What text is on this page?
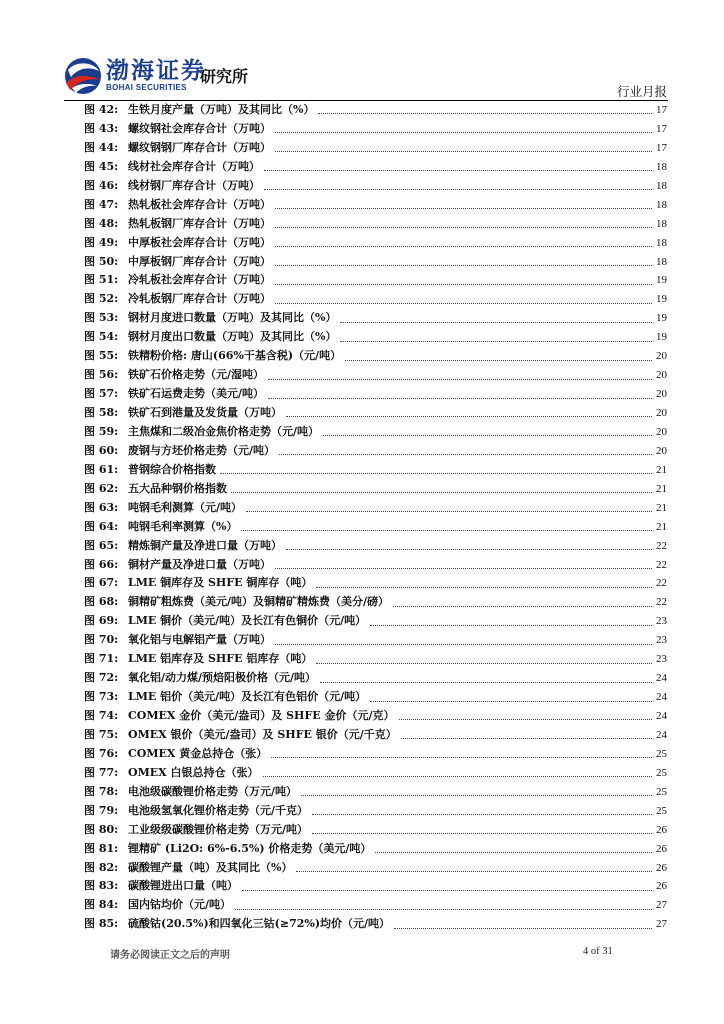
渤海证券
BOHAI SECURITIES
研究所
行业月报
图 42: 生铁月度产量（万吨）及其同比（%）	17
图 43: 螺纹钢社会库存合计（万吨）	17
图 44: 螺纹钢钢厂库存合计（万吨）	17
图 45: 线材社会库存合计（万吨）	18
图 46: 线材钢厂库存合计（万吨）	18
图 47: 热轧板社会库存合计（万吨）	18
图 48: 热轧板钢厂库存合计（万吨）	18
图 49: 中厚板社会库存合计（万吨）	18
图 50: 中厚板钢厂库存合计（万吨）	18
图 51: 冷轧板社会库存合计（万吨）	19
图 52: 冷轧板钢厂库存合计（万吨）	19
图 53: 钢材月度进口数量（万吨）及其同比（%）	19
图 54: 钢材月度出口数量（万吨）及其同比（%）	19
图 55: 铁精粉价格: 唐山(66%干基含税)（元/吨）	20
图 56: 铁矿石价格走势（元/湿吨）	20
图 57: 铁矿石运费走势（美元/吨）	20
图 58: 铁矿石到港量及发货量（万吨）	20
图 59: 主焦煤和二级冶金焦价格走势（元/吨）	20
图 60: 废钢与方坯价格走势（元/吨）	20
图 61: 普钢综合价格指数	21
图 62: 五大品种钢价格指数	21
图 63: 吨钢毛利测算（元/吨）	21
图 64: 吨钢毛利率测算（%）	21
图 65: 精炼铜产量及净进口量（万吨）	22
图 66: 铜材产量及净进口量（万吨）	22
图 67: LME 铜库存及 SHFE 铜库存（吨）	22
图 68: 铜精矿粗炼费（美元/吨）及铜精矿精炼费（美分/磅）	22
图 69: LME 铜价（美元/吨）及长江有色铜价（元/吨）	23
图 70: 氧化铝与电解铝产量（万吨）	23
图 71: LME 铝库存及 SHFE 铝库存（吨）	23
图 72: 氧化铝/动力煤/预焙阳极价格（元/吨）	24
图 73: LME 铝价（美元/吨）及长江有色铝价（元/吨）	24
图 74: COMEX 金价（美元/盎司）及 SHFE 金价（元/克）	24
图 75: OMEX 银价（美元/盎司）及 SHFE 银价（元/千克）	24
图 76: COMEX 黄金总持仓（张）	25
图 77: OMEX 白银总持仓（张）	25
图 78: 电池级碳酸锂价格走势（万元/吨）	25
图 79: 电池级氢氧化锂价格走势（元/千克）	25
图 80: 工业级级碳酸锂价格走势（万元/吨）	26
图 81: 锂精矿 (Li2O: 6%-6.5%) 价格走势（美元/吨）	26
图 82: 碳酸锂产量（吨）及其同比（%）	26
图 83: 碳酸锂进出口量（吨）	26
图 84: 国内钴均价（元/吨）	27
图 85: 硫酸钴(20.5%)和四氧化三钴(≥72%)均价（元/吨）	27
请务必阅读正文之后的声明	4 of 31
